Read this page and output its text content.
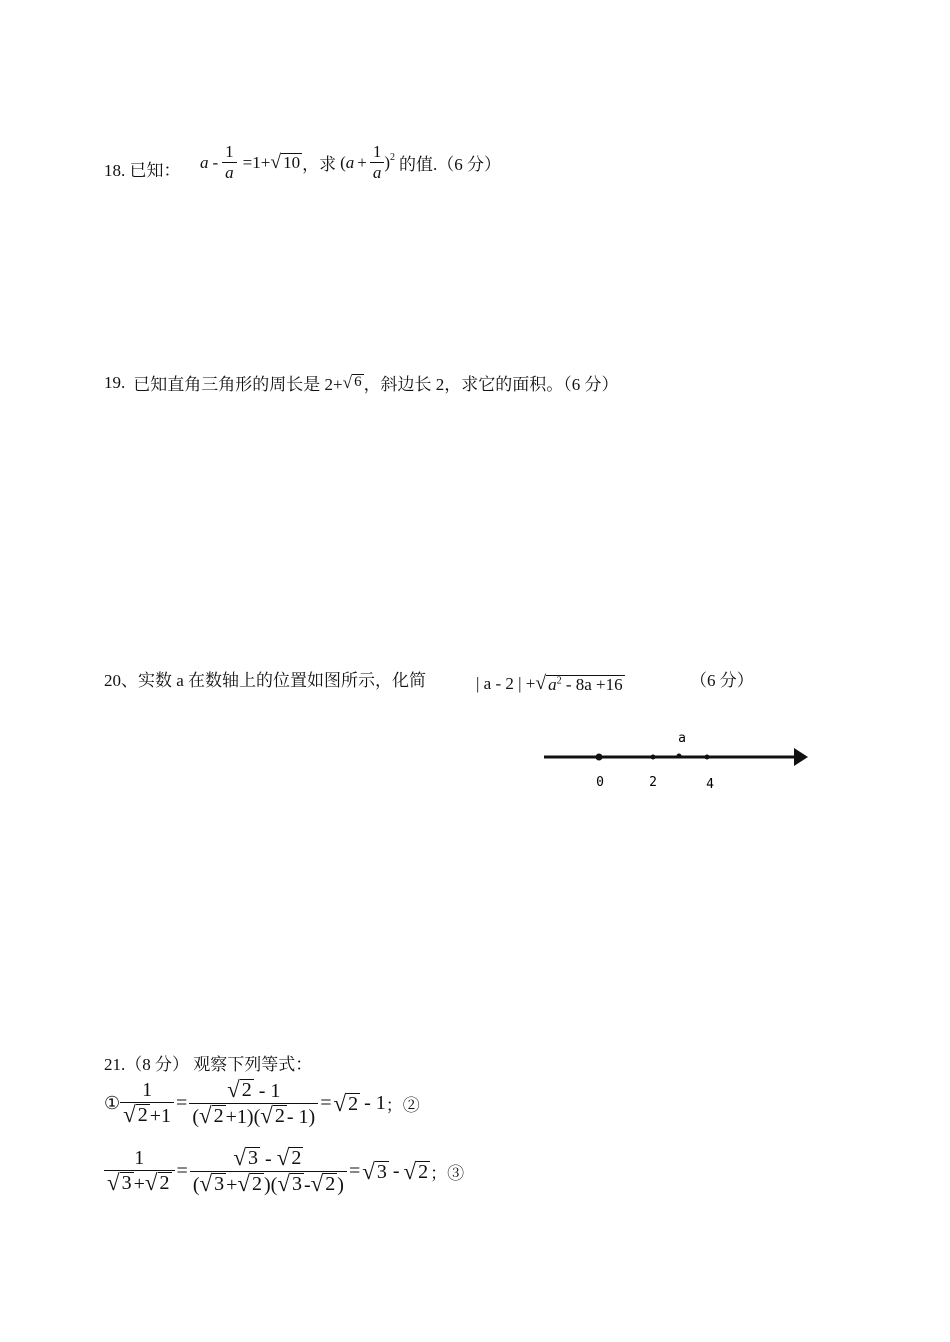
18. 已知： $a - \frac{1}{a} =1+$ √ 10 ，求 ( $a + \frac{1}{a} )^2$ 的值.（6 分）
19. 已知直角三角形的周长是 2+ √ 6 ，斜边长 2，求它的面积。（6 分）
20、实数 a 在数轴上的位置如图所示，化简	| a - 2 | + √ $a^2 - 8a +16$	（6 分）
0	2	4
a
21.（8 分） 观察下列等式：
① $\frac{1}{√ 2 +1} = \frac{√ 2 - 1}{( √ 2 +1)( √ 2 - 1)}$ = √ 2 - 1 ；②
$\frac{1}{√ 3 + √ 2} = \frac{√ 3 - √ 2}{( √ 3 + √ 2 )( √ 3 - √ 2 )}$ = √ 3 - √ 2 ；③
